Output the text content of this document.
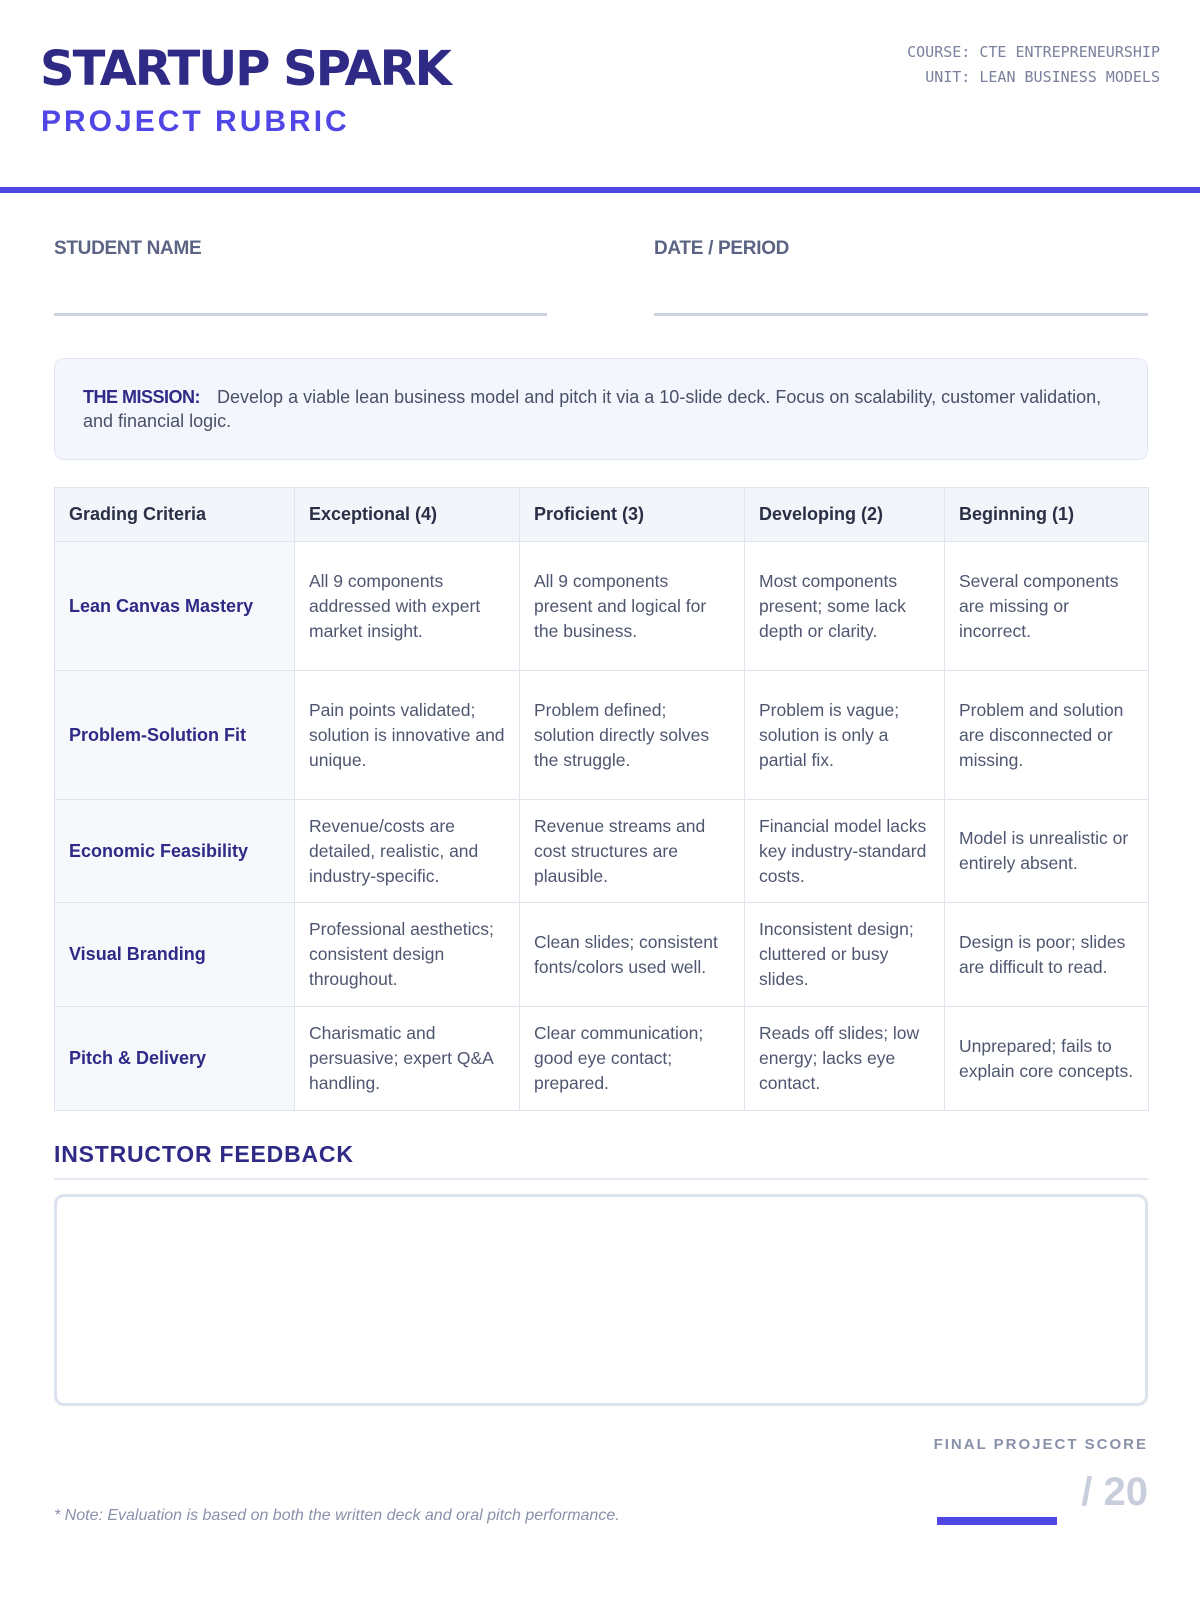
STARTUP SPARK
PROJECT RUBRIC
COURSE: CTE ENTREPRENEURSHIP
UNIT: LEAN BUSINESS MODELS
STUDENT NAME	DATE / PERIOD
THE MISSION: Develop a viable lean business model and pitch it via a 10-slide deck. Focus on scalability, customer validation, and financial logic.
Grading Criteria	Exceptional (4)	Proficient (3)	Developing (2)	Beginning (1)
Lean Canvas Mastery	All 9 components addressed with expert market insight.	All 9 components present and logical for the business.	Most components present; some lack depth or clarity.	Several components are missing or incorrect.
Problem-Solution Fit	Pain points validated; solution is innovative and unique.	Problem defined; solution directly solves the struggle.	Problem is vague; solution is only a partial fix.	Problem and solution are disconnected or missing.
Economic Feasibility	Revenue/costs are detailed, realistic, and industry-specific.	Revenue streams and cost structures are plausible.	Financial model lacks key industry-standard costs.	Model is unrealistic or entirely absent.
Visual Branding	Professional aesthetics; consistent design throughout.	Clean slides; consistent fonts/colors used well.	Inconsistent design; cluttered or busy slides.	Design is poor; slides are difficult to read.
Pitch & Delivery	Charismatic and persuasive; expert Q&A handling.	Clear communication; good eye contact; prepared.	Reads off slides; low energy; lacks eye contact.	Unprepared; fails to explain core concepts.
INSTRUCTOR FEEDBACK
FINAL PROJECT SCORE
/ 20
* Note: Evaluation is based on both the written deck and oral pitch performance.
